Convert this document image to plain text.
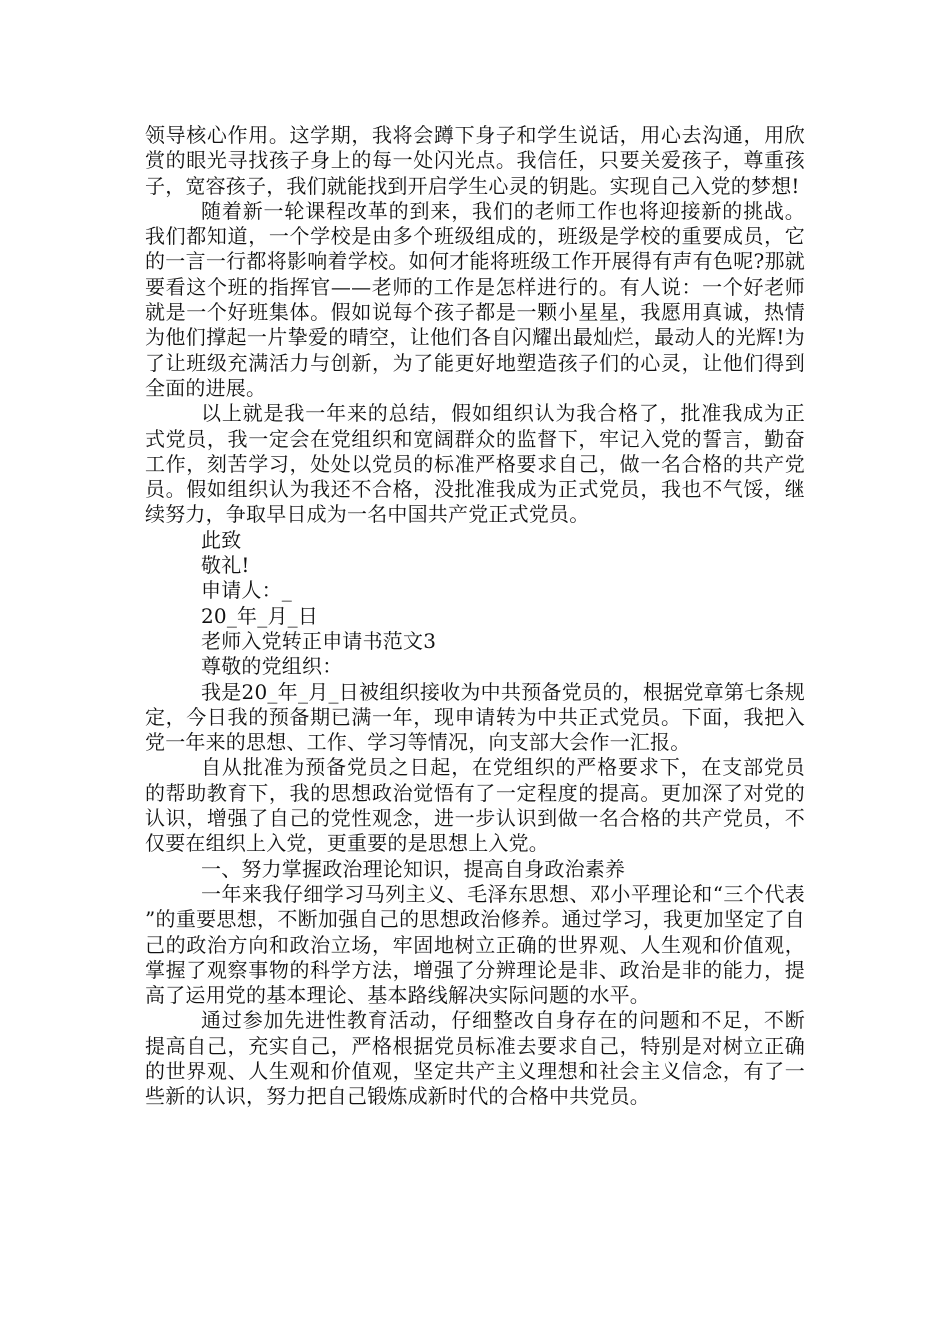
领导核心作用。这学期，我将会蹲下身子和学生说话，用心去沟通，用欣赏的眼光寻找孩子身上的每一处闪光点。我信任，只要关爱孩子，尊重孩子，宽容孩子，我们就能找到开启学生心灵的钥匙。实现自己入党的梦想!

随着新一轮课程改革的到来，我们的老师工作也将迎接新的挑战。我们都知道，一个学校是由多个班级组成的，班级是学校的重要成员，它的一言一行都将影响着学校。如何才能将班级工作开展得有声有色呢?那就要看这个班的指挥官——老师的工作是怎样进行的。有人说：一个好老师就是一个好班集体。假如说每个孩子都是一颗小星星，我愿用真诚，热情为他们撑起一片挚爱的晴空，让他们各自闪耀出最灿烂，最动人的光辉!为了让班级充满活力与创新，为了能更好地塑造孩子们的心灵，让他们得到全面的进展。

以上就是我一年来的总结，假如组织认为我合格了，批准我成为正式党员，我一定会在党组织和宽阔群众的监督下，牢记入党的誓言，勤奋工作，刻苦学习，处处以党员的标准严格要求自己，做一名合格的共产党员。假如组织认为我还不合格，没批准我成为正式党员，我也不气馁，继续努力，争取早日成为一名中国共产党正式党员。

此致

敬礼!

申请人：_

20_年_月_日

老师入党转正申请书范文3

尊敬的党组织：

我是20_年_月_日被组织接收为中共预备党员的，根据党章第七条规定，今日我的预备期已满一年，现申请转为中共正式党员。下面，我把入党一年来的思想、工作、学习等情况，向支部大会作一汇报。

自从批准为预备党员之日起，在党组织的严格要求下，在支部党员的帮助教育下，我的思想政治觉悟有了一定程度的提高。更加深了对党的认识，增强了自己的党性观念，进一步认识到做一名合格的共产党员，不仅要在组织上入党，更重要的是思想上入党。

一、努力掌握政治理论知识，提高自身政治素养

一年来我仔细学习马列主义、毛泽东思想、邓小平理论和“三个代表”的重要思想，不断加强自己的思想政治修养。通过学习，我更加坚定了自己的政治方向和政治立场，牢固地树立正确的世界观、人生观和价值观，掌握了观察事物的科学方法，增强了分辨理论是非、政治是非的能力，提高了运用党的基本理论、基本路线解决实际问题的水平。

通过参加先进性教育活动，仔细整改自身存在的问题和不足，不断提高自己，充实自己，严格根据党员标准去要求自己，特别是对树立正确的世界观、人生观和价值观，坚定共产主义理想和社会主义信念，有了一些新的认识，努力把自己锻炼成新时代的合格中共党员。
